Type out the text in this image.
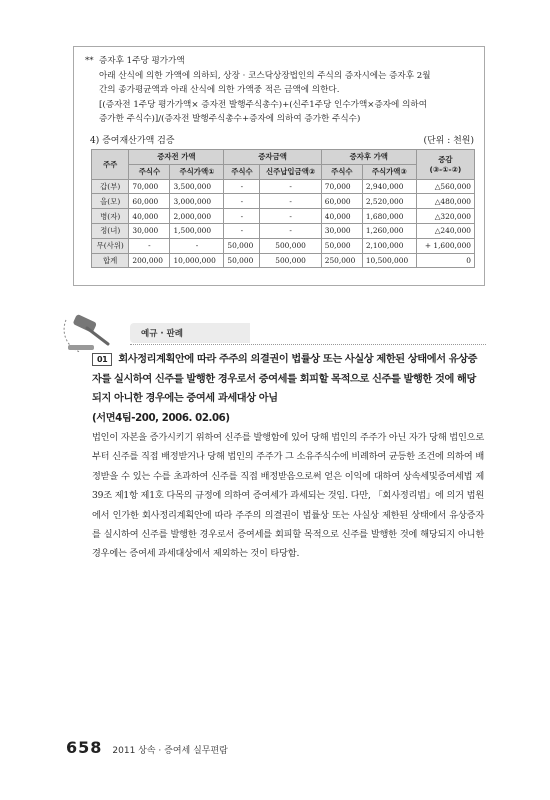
** 증자후 1주당 평가가액
아래 산식에 의한 가액에 의하되, 상장 · 코스닥상장법인의 주식의 증자시에는 증자후 2월
간의 종가평균액과 아래 산식에 의한 가액중 적은 금액에 의한다.
[(증자전 1주당 평가가액× 증자전 발행주식총수)+(신주1주당 인수가액×증자에 의하여
증가한 주식수)]/(증자전 발행주식총수+증자에 의하여 증가한 주식수)
4) 증여재산가액 검증	(단위 : 천원)
주주	증자전 가액		증자금액		증자후 가액		증감
(③-①-②)

	주식수	주식가액①	주식수	신주납입금액②	주식수	주식가액③	
갑(부)	70,000	3,500,000	-	-	70,000	2,940,000	△560,000
을(모)	60,000	3,000,000	-	-	60,000	2,520,000	△480,000
병(자)	40,000	2,000,000	-	-	40,000	1,680,000	△320,000
정(녀)	30,000	1,500,000	-	-	30,000	1,260,000	△240,000
무(사위)	-	-	50,000	500,000	50,000	2,100,000	+ 1,600,000
합계	200,000	10,000,000	50,000	500,000	250,000	10,500,000	0
예규 · 판례
01 회사정리계획안에 따라 주주의 의결권이 법률상 또는 사실상 제한된 상태에서 유상증자를 실시하여 신주를 발행한 경우로서 증여세를 회피할 목적으로 신주를 발행한 것에 해당되지 아니한 경우에는 증여세 과세대상 아님
(서면4팀-200, 2006. 02.06)
법인이 자본을 증가시키기 위하여 신주를 발행함에 있어 당해 법인의 주주가 아닌 자가 당해 법인으로부터 신주를 직접 배정받거나 당해 법인의 주주가 그 소유주식수에 비례하여 균등한 조건에 의하여 배정받을 수 있는 수를 초과하여 신주를 직접 배정받음으로써 얻은 이익에 대하여 상속세및증여세법 제39조 제1항 제1호 다목의 규정에 의하여 증여세가 과세되는 것임. 다만, 「회사정리법」에 의거 법원에서 인가한 회사정리계획안에 따라 주주의 의결권이 법률상 또는 사실상 제한된 상태에서 유상증자를 실시하여 신주를 발행한 경우로서 증여세를 회피할 목적으로 신주를 발행한 것에 해당되지 아니한 경우에는 증여세 과세대상에서 제외하는 것이 타당함.
658 2011 상속 · 증여세 실무편람
